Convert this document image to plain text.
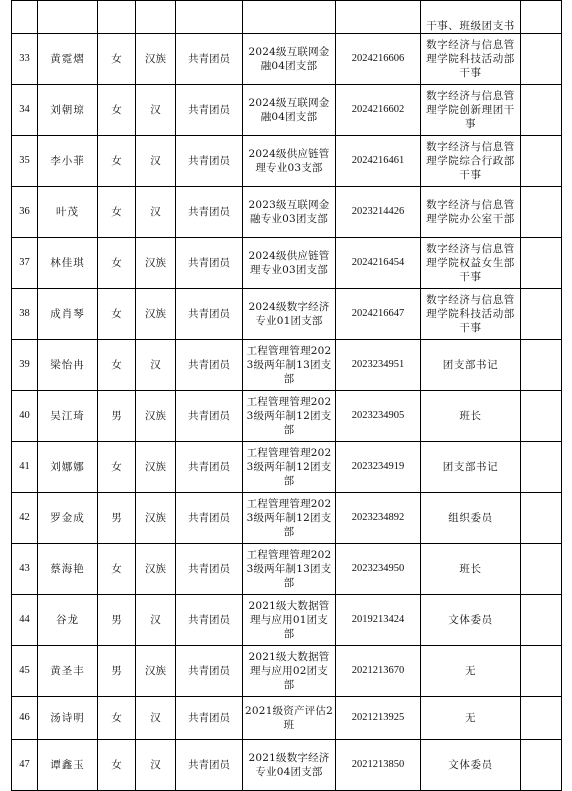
							干事、班级团支书	
33	黄霓熠	女	汉族	共青团员	2024级互联网金融04团支部	2024216606	数字经济与信息管理学院科技活动部干事	
34	刘朝琼	女	汉	共青团员	2024级互联网金融04团支部	2024216602	数字经济与信息管理学院创新理团干事	
35	李小菲	女	汉	共青团员	2024级供应链管理专业03支部	2024216461	数字经济与信息管理学院综合行政部干事	
36	叶茂	女	汉	共青团员	2023级互联网金融专业03团支部	2023214426	数字经济与信息管理学院办公室干部	
37	林佳琪	女	汉族	共青团员	2024级供应链管理专业03团支部	2024216454	数字经济与信息管理学院权益女生部干事	
38	成肖琴	女	汉族	共青团员	2024级数字经济专业01团支部	2024216647	数字经济与信息管理学院科技活动部干事	
39	梁怡冉	女	汉	共青团员	工程管理管理2023级两年制13团支部	2023234951	团支部书记	
40	吴江琦	男	汉族	共青团员	工程管理管理2023级两年制12团支部	2023234905	班长	
41	刘娜娜	女	汉族	共青团员	工程管理管理2023级两年制12团支部	2023234919	团支部书记	
42	罗金成	男	汉族	共青团员	工程管理管理2023级两年制12团支部	2023234892	组织委员	
43	蔡海艳	女	汉族	共青团员	工程管理管理2023级两年制13团支部	2023234950	班长	
44	谷龙	男	汉	共青团员	2021级大数据管理与应用01团支部	2019213424	文体委员	
45	黄圣丰	男	汉族	共青团员	2021级大数据管理与应用02团支部	2021213670	无	
46	汤诗明	女	汉	共青团员	2021级资产评估2班	2021213925	无	
47	谭鑫玉	女	汉	共青团员	2021级数字经济专业04团支部	2021213850	文体委员	
